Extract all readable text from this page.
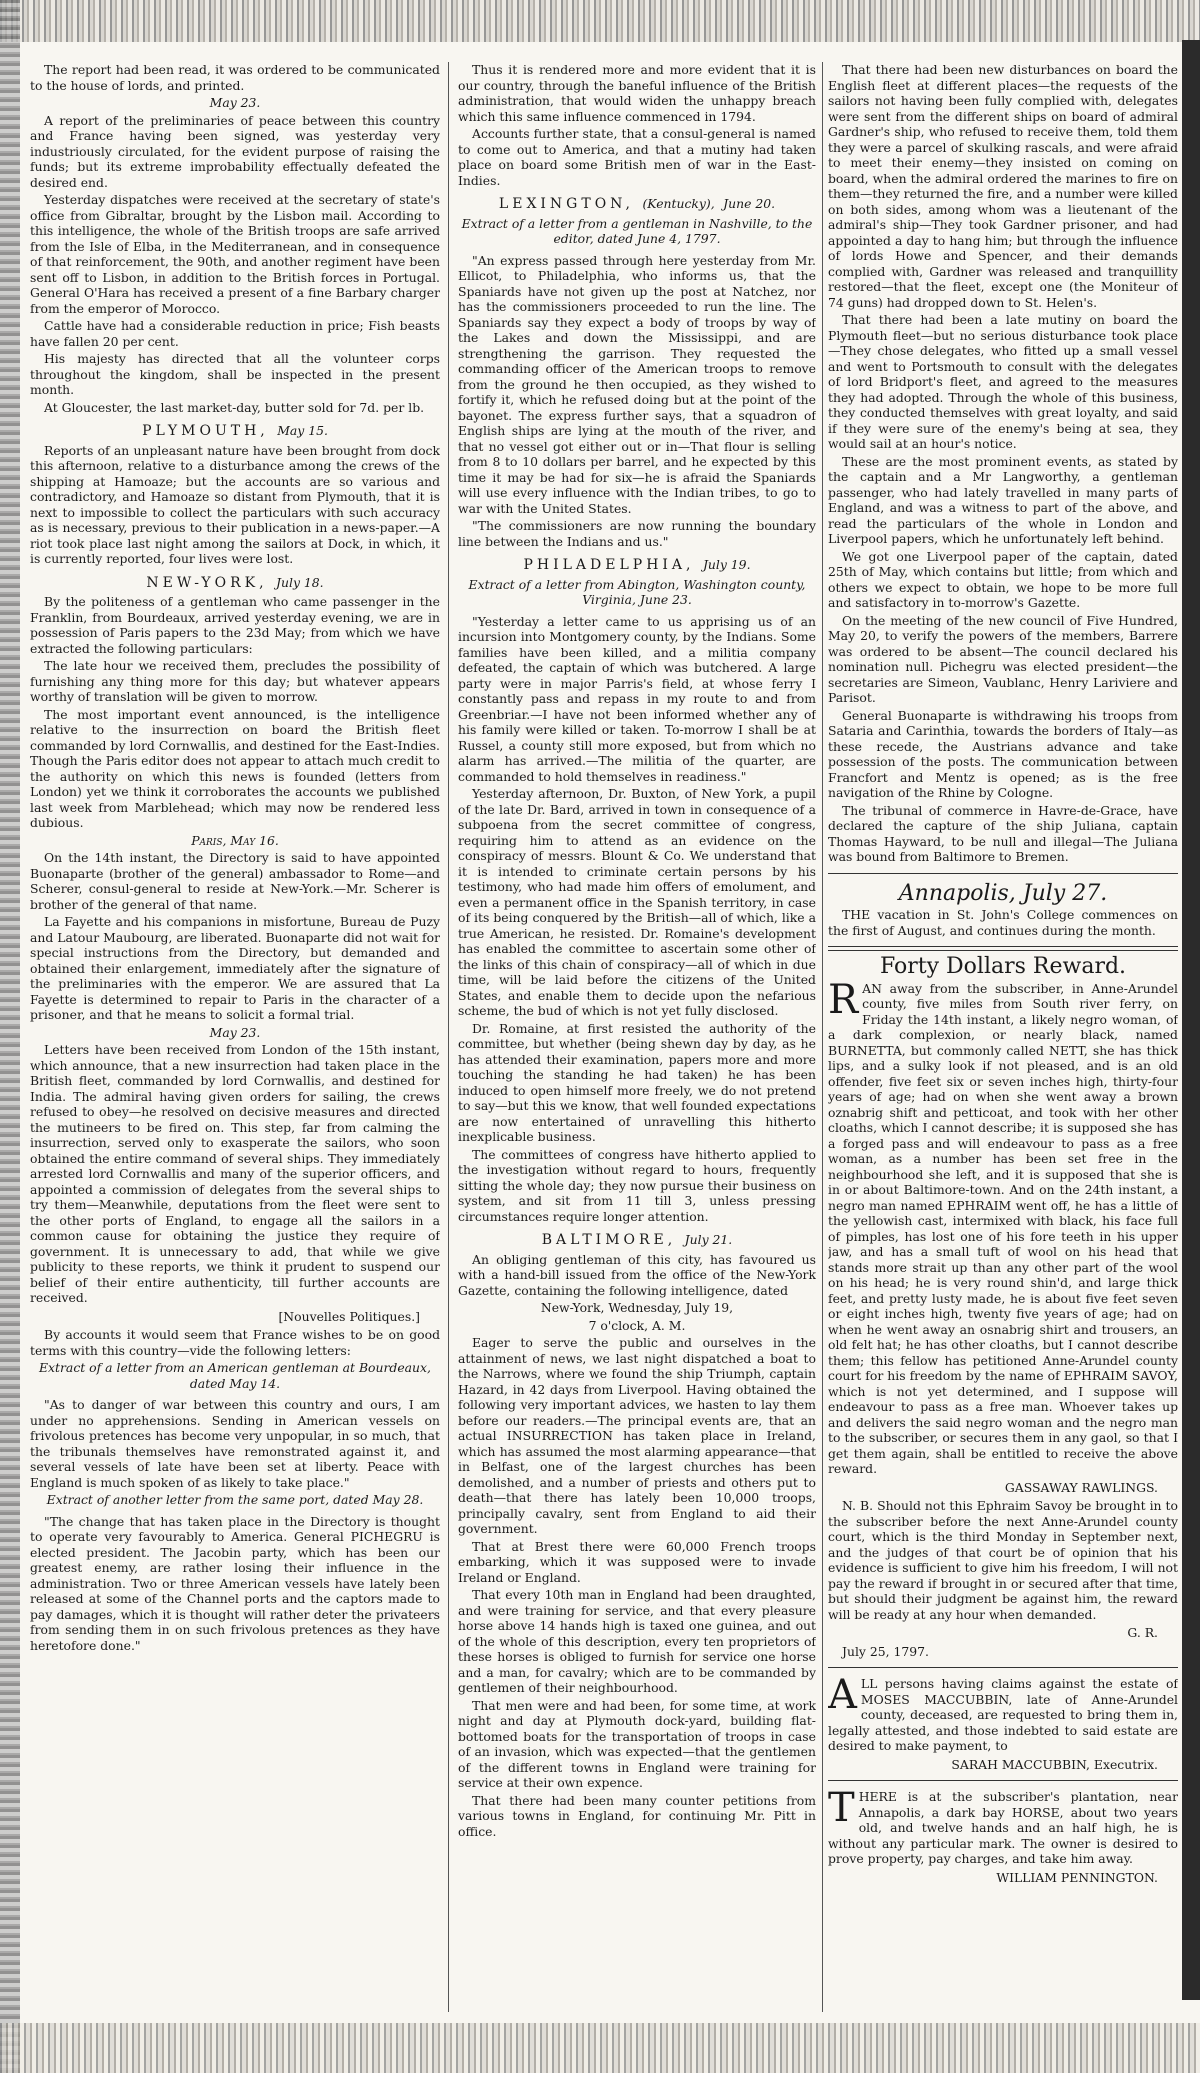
The report had been read, it was ordered to be communicated to the house of lords, and printed.

May 23.

A report of the preliminaries of peace between this country and France having been signed, was yesterday very industriously circulated, for the evident purpose of raising the funds; but its extreme improbability effectually defeated the desired end.

Yesterday dispatches were received at the secretary of state's office from Gibraltar, brought by the Lisbon mail. According to this intelligence, the whole of the British troops are safe arrived from the Isle of Elba, in the Mediterranean, and in consequence of that reinforcement, the 90th, and another regiment have been sent off to Lisbon, in addition to the British forces in Portugal. General O'Hara has received a present of a fine Barbary charger from the emperor of Morocco.

Cattle have had a considerable reduction in price; Fish beasts have fallen 20 per cent.

His majesty has directed that all the volunteer corps throughout the kingdom, shall be inspected in the present month.

At Gloucester, the last market-day, butter sold for 7d. per lb.

PLYMOUTH, May 15.

Reports of an unpleasant nature have been brought from dock this afternoon, relative to a disturbance among the crews of the shipping at Hamoaze; but the accounts are so various and contradictory, and Hamoaze so distant from Plymouth, that it is next to impossible to collect the particulars with such accuracy as is necessary, previous to their publication in a news-paper.—A riot took place last night among the sailors at Dock, in which, it is currently reported, four lives were lost.

NEW-YORK, July 18.

By the politeness of a gentleman who came passenger in the Franklin, from Bourdeaux, arrived yesterday evening, we are in possession of Paris papers to the 23d May; from which we have extracted the following particulars:

The late hour we received them, precludes the possibility of furnishing any thing more for this day; but whatever appears worthy of translation will be given to morrow.

The most important event announced, is the intelligence relative to the insurrection on board the British fleet commanded by lord Cornwallis, and destined for the East-Indies. Though the Paris editor does not appear to attach much credit to the authority on which this news is founded (letters from London) yet we think it corroborates the accounts we published last week from Marblehead; which may now be rendered less dubious.

Paris, May 16.

On the 14th instant, the Directory is said to have appointed Buonaparte (brother of the general) ambassador to Rome—and Scherer, consul-general to reside at New-York.—Mr. Scherer is brother of the general of that name.

La Fayette and his companions in misfortune, Bureau de Puzy and Latour Maubourg, are liberated. Buonaparte did not wait for special instructions from the Directory, but demanded and obtained their enlargement, immediately after the signature of the preliminaries with the emperor. We are assured that La Fayette is determined to repair to Paris in the character of a prisoner, and that he means to solicit a formal trial.

May 23.

Letters have been received from London of the 15th instant, which announce, that a new insurrection had taken place in the British fleet, commanded by lord Cornwallis, and destined for India. The admiral having given orders for sailing, the crews refused to obey—he resolved on decisive measures and directed the mutineers to be fired on. This step, far from calming the insurrection, served only to exasperate the sailors, who soon obtained the entire command of several ships. They immediately arrested lord Cornwallis and many of the superior officers, and appointed a commission of delegates from the several ships to try them—Meanwhile, deputations from the fleet were sent to the other ports of England, to engage all the sailors in a common cause for obtaining the justice they require of government. It is unnecessary to add, that while we give publicity to these reports, we think it prudent to suspend our belief of their entire authenticity, till further accounts are received.

[Nouvelles Politiques.]

By accounts it would seem that France wishes to be on good terms with this country—vide the following letters:

Extract of a letter from an American gentleman at Bourdeaux, dated May 14.

"As to danger of war between this country and ours, I am under no apprehensions. Sending in American vessels on frivolous pretences has become very unpopular, in so much, that the tribunals themselves have remonstrated against it, and several vessels of late have been set at liberty. Peace with England is much spoken of as likely to take place."

Extract of another letter from the same port, dated May 28.

"The change that has taken place in the Directory is thought to operate very favourably to America. General PICHEGRU is elected president. The Jacobin party, which has been our greatest enemy, are rather losing their influence in the administration. Two or three American vessels have lately been released at some of the Channel ports and the captors made to pay damages, which it is thought will rather deter the privateers from sending them in on such frivolous pretences as they have heretofore done."

Thus it is rendered more and more evident that it is our country, through the baneful influence of the British administration, that would widen the unhappy breach which this same influence commenced in 1794.

Accounts further state, that a consul-general is named to come out to America, and that a mutiny had taken place on board some British men of war in the East-Indies.

LEXINGTON, (Kentucky), June 20.

Extract of a letter from a gentleman in Nashville, to the editor, dated June 4, 1797.

"An express passed through here yesterday from Mr. Ellicot, to Philadelphia, who informs us, that the Spaniards have not given up the post at Natchez, nor has the commissioners proceeded to run the line. The Spaniards say they expect a body of troops by way of the Lakes and down the Mississippi, and are strengthening the garrison. They requested the commanding officer of the American troops to remove from the ground he then occupied, as they wished to fortify it, which he refused doing but at the point of the bayonet. The express further says, that a squadron of English ships are lying at the mouth of the river, and that no vessel got either out or in—That flour is selling from 8 to 10 dollars per barrel, and he expected by this time it may be had for six—he is afraid the Spaniards will use every influence with the Indian tribes, to go to war with the United States.

"The commissioners are now running the boundary line between the Indians and us."

PHILADELPHIA, July 19.

Extract of a letter from Abington, Washington county, Virginia, June 23.

"Yesterday a letter came to us apprising us of an incursion into Montgomery county, by the Indians. Some families have been killed, and a militia company defeated, the captain of which was butchered. A large party were in major Parris's field, at whose ferry I constantly pass and repass in my route to and from Greenbriar.—I have not been informed whether any of his family were killed or taken. To-morrow I shall be at Russel, a county still more exposed, but from which no alarm has arrived.—The militia of the quarter, are commanded to hold themselves in readiness."

Yesterday afternoon, Dr. Buxton, of New York, a pupil of the late Dr. Bard, arrived in town in consequence of a subpoena from the secret committee of congress, requiring him to attend as an evidence on the conspiracy of messrs. Blount & Co. We understand that it is intended to criminate certain persons by his testimony, who had made him offers of emolument, and even a permanent office in the Spanish territory, in case of its being conquered by the British—all of which, like a true American, he resisted. Dr. Romaine's development has enabled the committee to ascertain some other of the links of this chain of conspiracy—all of which in due time, will be laid before the citizens of the United States, and enable them to decide upon the nefarious scheme, the bud of which is not yet fully disclosed.

Dr. Romaine, at first resisted the authority of the committee, but whether (being shewn day by day, as he has attended their examination, papers more and more touching the standing he had taken) he has been induced to open himself more freely, we do not pretend to say—but this we know, that well founded expectations are now entertained of unravelling this hitherto inexplicable business.

The committees of congress have hitherto applied to the investigation without regard to hours, frequently sitting the whole day; they now pursue their business on system, and sit from 11 till 3, unless pressing circumstances require longer attention.

BALTIMORE, July 21.

An obliging gentleman of this city, has favoured us with a hand-bill issued from the office of the New-York Gazette, containing the following intelligence, dated

New-York, Wednesday, July 19,

7 o'clock, A. M.

Eager to serve the public and ourselves in the attainment of news, we last night dispatched a boat to the Narrows, where we found the ship Triumph, captain Hazard, in 42 days from Liverpool. Having obtained the following very important advices, we hasten to lay them before our readers.—The principal events are, that an actual INSURRECTION has taken place in Ireland, which has assumed the most alarming appearance—that in Belfast, one of the largest churches has been demolished, and a number of priests and others put to death—that there has lately been 10,000 troops, principally cavalry, sent from England to aid their government.

That at Brest there were 60,000 French troops embarking, which it was supposed were to invade Ireland or England.

That every 10th man in England had been draughted, and were training for service, and that every pleasure horse above 14 hands high is taxed one guinea, and out of the whole of this description, every ten proprietors of these horses is obliged to furnish for service one horse and a man, for cavalry; which are to be commanded by gentlemen of their neighbourhood.

That men were and had been, for some time, at work night and day at Plymouth dock-yard, building flat-bottomed boats for the transportation of troops in case of an invasion, which was expected—that the gentlemen of the different towns in England were training for service at their own expence.

That there had been many counter petitions from various towns in England, for continuing Mr. Pitt in office.

That there had been new disturbances on board the English fleet at different places—the requests of the sailors not having been fully complied with, delegates were sent from the different ships on board of admiral Gardner's ship, who refused to receive them, told them they were a parcel of skulking rascals, and were afraid to meet their enemy—they insisted on coming on board, when the admiral ordered the marines to fire on them—they returned the fire, and a number were killed on both sides, among whom was a lieutenant of the admiral's ship—They took Gardner prisoner, and had appointed a day to hang him; but through the influence of lords Howe and Spencer, and their demands complied with, Gardner was released and tranquillity restored—that the fleet, except one (the Moniteur of 74 guns) had dropped down to St. Helen's.

That there had been a late mutiny on board the Plymouth fleet—but no serious disturbance took place—They chose delegates, who fitted up a small vessel and went to Portsmouth to consult with the delegates of lord Bridport's fleet, and agreed to the measures they had adopted. Through the whole of this business, they conducted themselves with great loyalty, and said if they were sure of the enemy's being at sea, they would sail at an hour's notice.

These are the most prominent events, as stated by the captain and a Mr Langworthy, a gentleman passenger, who had lately travelled in many parts of England, and was a witness to part of the above, and read the particulars of the whole in London and Liverpool papers, which he unfortunately left behind.

We got one Liverpool paper of the captain, dated 25th of May, which contains but little; from which and others we expect to obtain, we hope to be more full and satisfactory in to-morrow's Gazette.

On the meeting of the new council of Five Hundred, May 20, to verify the powers of the members, Barrere was ordered to be absent—The council declared his nomination null. Pichegru was elected president—the secretaries are Simeon, Vaublanc, Henry Lariviere and Parisot.

General Buonaparte is withdrawing his troops from Sataria and Carinthia, towards the borders of Italy—as these recede, the Austrians advance and take possession of the posts. The communication between Francfort and Mentz is opened; as is the free navigation of the Rhine by Cologne.

The tribunal of commerce in Havre-de-Grace, have declared the capture of the ship Juliana, captain Thomas Hayward, to be null and illegal—The Juliana was bound from Baltimore to Bremen.

Annapolis, July 27.

THE vacation in St. John's College commences on the first of August, and continues during the month.

Forty Dollars Reward.
RAN away from the subscriber, in Anne-Arundel county, five miles from South river ferry, on Friday the 14th instant, a likely negro woman, of a dark complexion, or nearly black, named BURNETTA, but commonly called NETT, she has thick lips, and a sulky look if not pleased, and is an old offender, five feet six or seven inches high, thirty-four years of age; had on when she went away a brown oznabrig shift and petticoat, and took with her other cloaths, which I cannot describe; it is supposed she has a forged pass and will endeavour to pass as a free woman, as a number has been set free in the neighbourhood she left, and it is supposed that she is in or about Baltimore-town. And on the 24th instant, a negro man named EPHRAIM went off, he has a little of the yellowish cast, intermixed with black, his face full of pimples, has lost one of his fore teeth in his upper jaw, and has a small tuft of wool on his head that stands more strait up than any other part of the wool on his head; he is very round shin'd, and large thick feet, and pretty lusty made, he is about five feet seven or eight inches high, twenty five years of age; had on when he went away an osnabrig shirt and trousers, an old felt hat; he has other cloaths, but I cannot describe them; this fellow has petitioned Anne-Arundel county court for his freedom by the name of EPHRAIM SAVOY, which is not yet determined, and I suppose will endeavour to pass as a free man. Whoever takes up and delivers the said negro woman and the negro man to the subscriber, or secures them in any gaol, so that I get them again, shall be entitled to receive the above reward.

GASSAWAY RAWLINGS.

N. B. Should not this Ephraim Savoy be brought in to the subscriber before the next Anne-Arundel county court, which is the third Monday in September next, and the judges of that court be of opinion that his evidence is sufficient to give him his freedom, I will not pay the reward if brought in or secured after that time, but should their judgment be against him, the reward will be ready at any hour when demanded.

G. R.

July 25, 1797.

ALL persons having claims against the estate of MOSES MACCUBBIN, late of Anne-Arundel county, deceased, are requested to bring them in, legally attested, and those indebted to said estate are desired to make payment, to

SARAH MACCUBBIN, Executrix.

THERE is at the subscriber's plantation, near Annapolis, a dark bay HORSE, about two years old, and twelve hands and an half high, he is without any particular mark. The owner is desired to prove property, pay charges, and take him away.

WILLIAM PENNINGTON.
